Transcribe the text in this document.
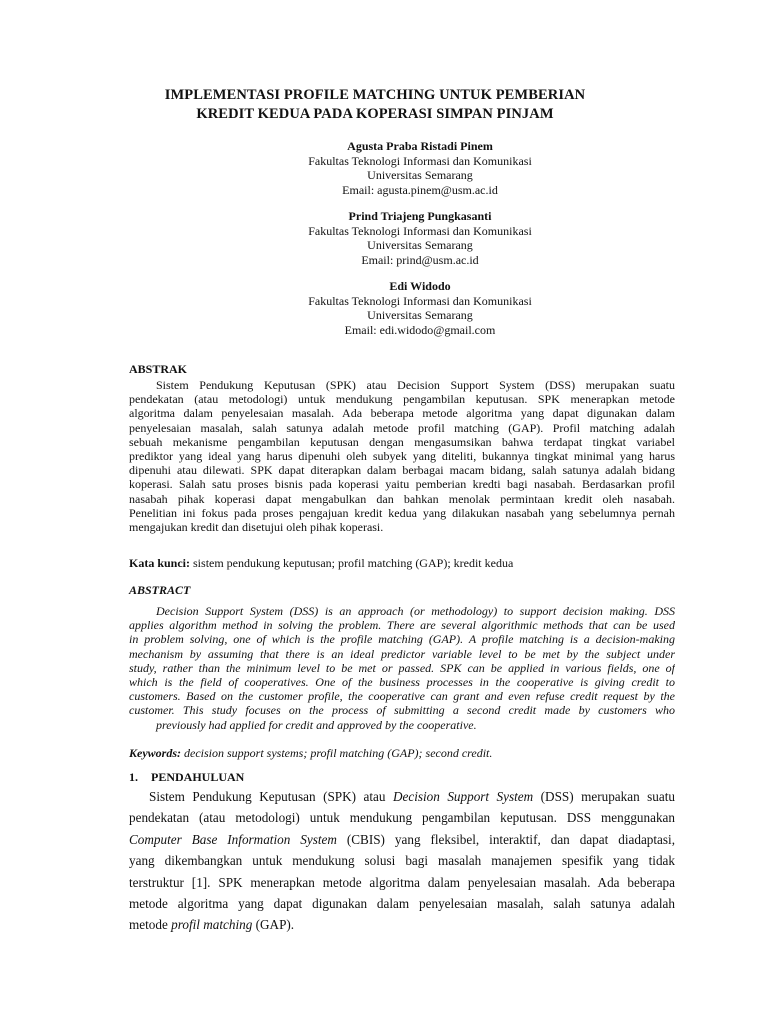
IMPLEMENTASI PROFILE MATCHING UNTUK PEMBERIAN
KREDIT KEDUA PADA KOPERASI SIMPAN PINJAM
Agusta Praba Ristadi Pinem
Fakultas Teknologi Informasi dan Komunikasi
Universitas Semarang
Email: agusta.pinem@usm.ac.id
Prind Triajeng Pungkasanti
Fakultas Teknologi Informasi dan Komunikasi
Universitas Semarang
Email: prind@usm.ac.id
Edi Widodo
Fakultas Teknologi Informasi dan Komunikasi
Universitas Semarang
Email: edi.widodo@gmail.com
ABSTRAK
Sistem Pendukung Keputusan (SPK) atau Decision Support System (DSS) merupakan suatu
pendekatan (atau metodologi) untuk mendukung pengambilan keputusan. SPK menerapkan metode
algoritma dalam penyelesaian masalah. Ada beberapa metode algoritma yang dapat digunakan dalam
penyelesaian masalah, salah satunya adalah metode profil matching (GAP). Profil matching adalah
sebuah mekanisme pengambilan keputusan dengan mengasumsikan bahwa terdapat tingkat variabel
prediktor yang ideal yang harus dipenuhi oleh subyek yang diteliti, bukannya tingkat minimal yang harus
dipenuhi atau dilewati. SPK dapat diterapkan dalam berbagai macam bidang, salah satunya adalah bidang
koperasi. Salah satu proses bisnis pada koperasi yaitu pemberian kredti bagi nasabah. Berdasarkan profil
nasabah pihak koperasi dapat mengabulkan dan bahkan menolak permintaan kredit oleh nasabah.
Penelitian ini fokus pada proses pengajuan kredit kedua yang dilakukan nasabah yang sebelumnya pernah
mengajukan kredit dan disetujui oleh pihak koperasi.
Kata kunci: sistem pendukung keputusan; profil matching (GAP); kredit kedua
ABSTRACT
Decision Support System (DSS) is an approach (or methodology) to support decision making. DSS
applies algorithm method in solving the problem. There are several algorithmic methods that can be used
in problem solving, one of which is the profile matching (GAP). A profile matching is a decision-making
mechanism by assuming that there is an ideal predictor variable level to be met by the subject under
study, rather than the minimum level to be met or passed. SPK can be applied in various fields, one of
which is the field of cooperatives. One of the business processes in the cooperative is giving credit to
customers. Based on the customer profile, the cooperative can grant and even refuse credit request by the
customer. This study focuses on the process of submitting a second credit made by customers who
previously had applied for credit and approved by the cooperative.
Keywords: decision support systems; profil matching (GAP); second credit.
1. PENDAHULUAN
Sistem Pendukung Keputusan (SPK) atau Decision Support System (DSS) merupakan suatu
pendekatan (atau metodologi) untuk mendukung pengambilan keputusan. DSS menggunakan
Computer Base Information System (CBIS) yang fleksibel, interaktif, dan dapat diadaptasi,
yang dikembangkan untuk mendukung solusi bagi masalah manajemen spesifik yang tidak
terstruktur [1]. SPK menerapkan metode algoritma dalam penyelesaian masalah. Ada beberapa
metode algoritma yang dapat digunakan dalam penyelesaian masalah, salah satunya adalah
metode profil matching (GAP).
